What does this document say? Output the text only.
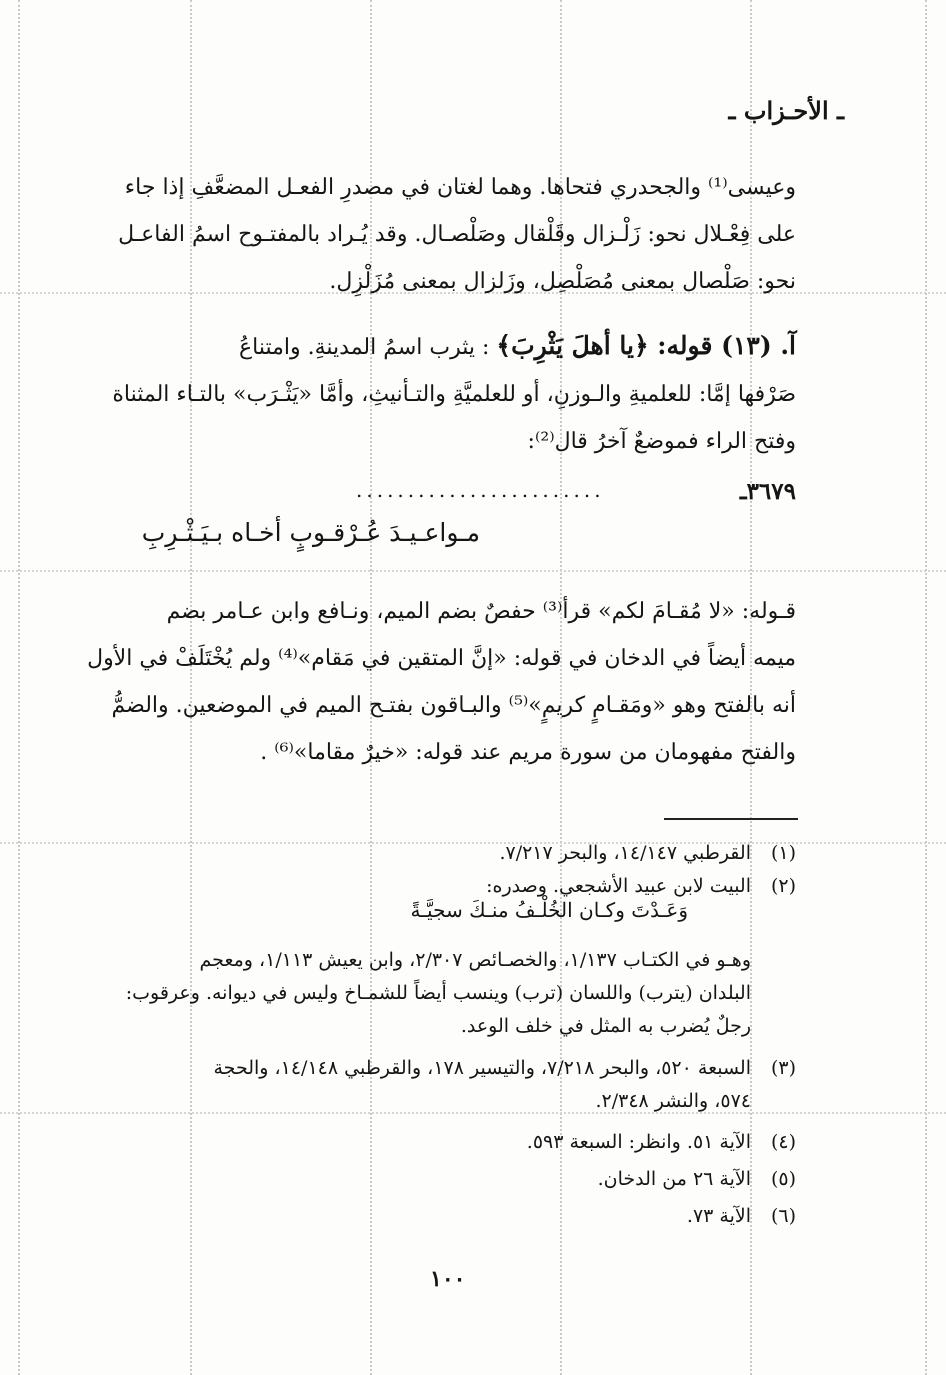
ـ الأحـزاب ـ
وعيسى⁽¹⁾ والجحدري فتحاها. وهما لغتان في مصدرِ الفعـل المضعَّفِ إذا جاء
على فِعْـلال نحو: زَلْـزال وقَلْقال وصَلْصـال. وقد يُـراد بالمفتـوح اسمُ الفاعـل
نحو: صَلْصال بمعنى مُصَلْصِل، وزَلزال بمعنى مُزَلْزِل.
آ. (١٣) قوله: ﴿يا أهلَ يَثْرِبَ﴾ : يثرب اسمُ المدينةِ. وامتناعُ
صَرْفها إمَّا: للعلميةِ والـوزنِ، أو للعلميَّةِ والتـأنيثِ، وأمَّا «يَثْـرَب» بالتـاء المثناة
وفتح الراء فموضعٌ آخرُ قال⁽²⁾:
٣٦٧٩ـ
........................
مـواعـيـدَ عُـرْقـوبٍ أخـاه بـيَـثْـرِبِ
قـوله: «لا مُقـامَ لكم» قرأ⁽³⁾ حفصٌ بضم الميم، ونـافع وابن عـامر بضم
ميمه أيضاً في الدخان في قوله: «إنَّ المتقين في مَقام»⁽⁴⁾ ولم يُخْتَلَفْ في الأول
أنه بالفتح وهو «ومَقـامٍ كريمٍ»⁽⁵⁾ والبـاقون بفتـح الميم في الموضعين. والضمُّ
والفتح مفهومان من سورة مريم عند قوله: «خيرٌ مقاما»⁽⁶⁾ .
(١)
القرطبي ١٤/١٤٧، والبحر ٧/٢١٧.
(٢)
البيت لابن عبيد الأشجعي. وصدره:
وَعَـدْتَ وكـان الخُلْـفُ منـكَ سجيَّـةً
وهـو في الكتـاب ١/١٣٧، والخصـائص ٢/٣٠٧، وابن يعيش ١/١١٣، ومعجم
البلدان (يترب) واللسان (ترب) وينسب أيضاً للشمـاخ وليس في ديوانه. وعرقوب:
رجلٌ يُضرب به المثل في خلف الوعد.
(٣)
السبعة ٥٢٠، والبحر ٧/٢١٨، والتيسير ١٧٨، والقرطبي ١٤/١٤٨، والحجة
٥٧٤، والنشر ٢/٣٤٨.
(٤)
الآية ٥١. وانظر: السبعة ٥٩٣.
(٥)
الآية ٢٦ من الدخان.
(٦)
الآية ٧٣.
١٠٠
